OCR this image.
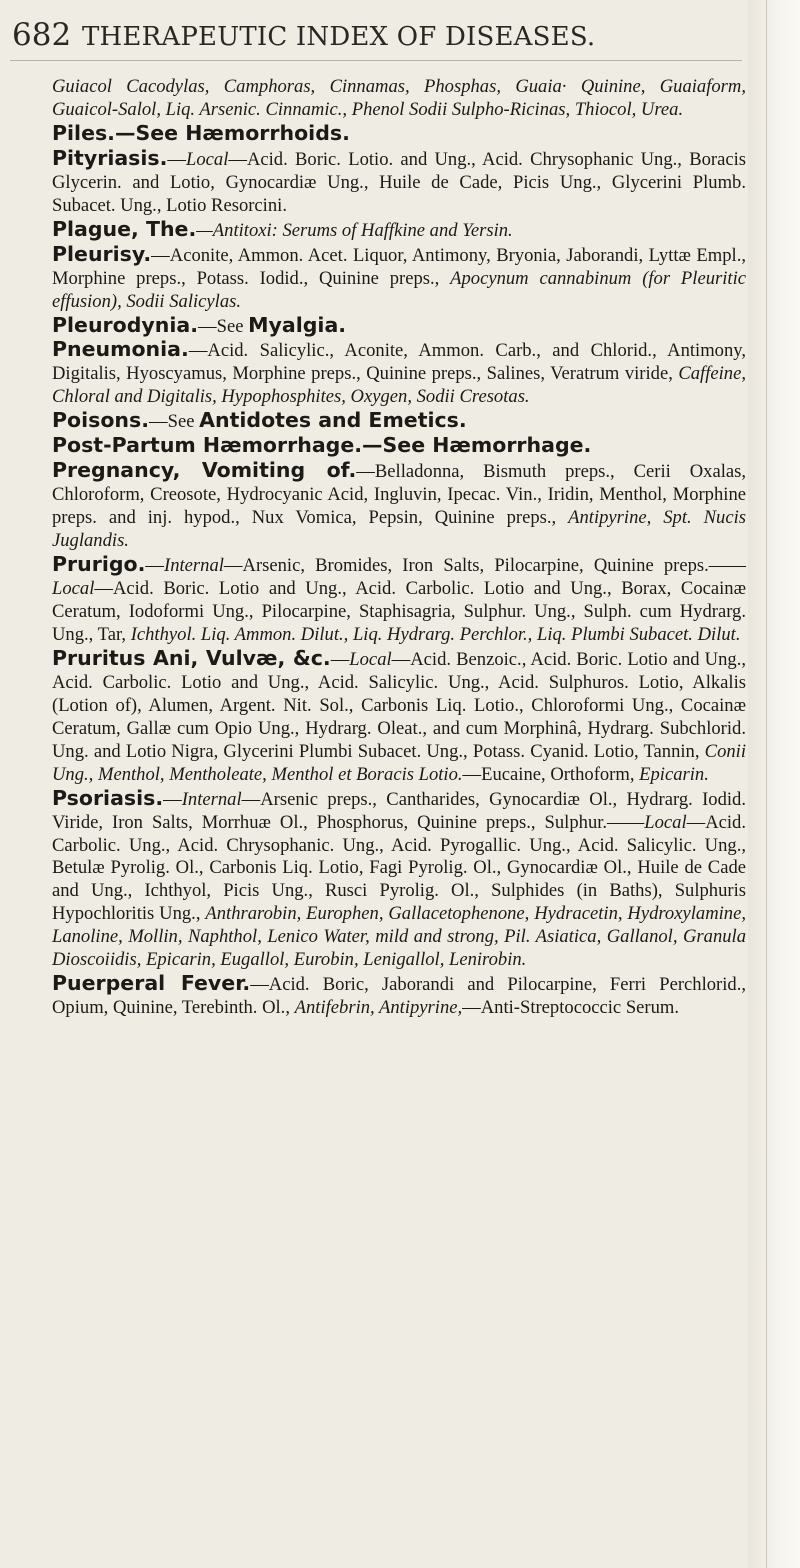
682 THERAPEUTIC INDEX OF DISEASES.

Guiacol Cacodylas, Camphoras, Cinnamas, Phosphas, Guaia· Quinine, Guaiaform, Guaicol-Salol, Liq. Arsenic. Cinnamic., Phenol Sodii Sulpho-Ricinas, Thiocol, Urea.

Piles.—See Hæmorrhoids.

Pityriasis.—Local—Acid. Boric. Lotio. and Ung., Acid. Chrysophanic Ung., Boracis Glycerin. and Lotio, Gynocardiæ Ung., Huile de Cade, Picis Ung., Glycerini Plumb. Subacet. Ung., Lotio Resorcini.

Plague, The.—Antitoxi: Serums of Haffkine and Yersin.

Pleurisy.—Aconite, Ammon. Acet. Liquor, Antimony, Bryonia, Jaborandi, Lyttæ Empl., Morphine preps., Potass. Iodid., Quinine preps., Apocynum cannabinum (for Pleuritic effusion), Sodii Salicylas.

Pleurodynia.—See Myalgia.

Pneumonia.—Acid. Salicylic., Aconite, Ammon. Carb., and Chlorid., Antimony, Digitalis, Hyoscyamus, Morphine preps., Quinine preps., Salines, Veratrum viride, Caffeine, Chloral and Digitalis, Hypophosphites, Oxygen, Sodii Cresotas.

Poisons.—See Antidotes and Emetics.

Post-Partum Hæmorrhage.—See Hæmorrhage.

Pregnancy, Vomiting of.—Belladonna, Bismuth preps., Cerii Oxalas, Chloroform, Creosote, Hydrocyanic Acid, Ingluvin, Ipecac. Vin., Iridin, Menthol, Morphine preps. and inj. hypod., Nux Vomica, Pepsin, Quinine preps., Antipyrine, Spt. Nucis Juglandis.

Prurigo.—Internal—Arsenic, Bromides, Iron Salts, Pilocarpine, Quinine preps.——Local—Acid. Boric. Lotio and Ung., Acid. Carbolic. Lotio and Ung., Borax, Cocainæ Ceratum, Iodoformi Ung., Pilocarpine, Staphisagria, Sulphur. Ung., Sulph. cum Hydrarg. Ung., Tar, Ichthyol. Liq. Ammon. Dilut., Liq. Hydrarg. Perchlor., Liq. Plumbi Subacet. Dilut.

Pruritus Ani, Vulvæ, &c.—Local—Acid. Benzoic., Acid. Boric. Lotio and Ung., Acid. Carbolic. Lotio and Ung., Acid. Salicylic. Ung., Acid. Sulphuros. Lotio, Alkalis (Lotion of), Alumen, Argent. Nit. Sol., Carbonis Liq. Lotio., Chloroformi Ung., Cocainæ Ceratum, Gallæ cum Opio Ung., Hydrarg. Oleat., and cum Morphinâ, Hydrarg. Subchlorid. Ung. and Lotio Nigra, Glycerini Plumbi Subacet. Ung., Potass. Cyanid. Lotio, Tannin, Conii Ung., Menthol, Mentholeate, Menthol et Boracis Lotio.—Eucaine, Orthoform, Epicarin.

Psoriasis.—Internal—Arsenic preps., Cantharides, Gynocardiæ Ol., Hydrarg. Iodid. Viride, Iron Salts, Morrhuæ Ol., Phosphorus, Quinine preps., Sulphur.——Local—Acid. Carbolic. Ung., Acid. Chrysophanic. Ung., Acid. Pyrogallic. Ung., Acid. Salicylic. Ung., Betulæ Pyrolig. Ol., Carbonis Liq. Lotio, Fagi Pyrolig. Ol., Gynocardiæ Ol., Huile de Cade and Ung., Ichthyol, Picis Ung., Rusci Pyrolig. Ol., Sulphides (in Baths), Sulphuris Hypochloritis Ung., Anthrarobin, Europhen, Gallacetophenone, Hydracetin, Hydroxylamine, Lanoline, Mollin, Naphthol, Lenico Water, mild and strong, Pil. Asiatica, Gallanol, Granula Dioscoiidis, Epicarin, Eugallol, Eurobin, Lenigallol, Lenirobin.

Puerperal Fever.—Acid. Boric, Jaborandi and Pilocarpine, Ferri Perchlorid., Opium, Quinine, Terebinth. Ol., Antifebrin, Antipyrine,—Anti-Streptococcic Serum.
